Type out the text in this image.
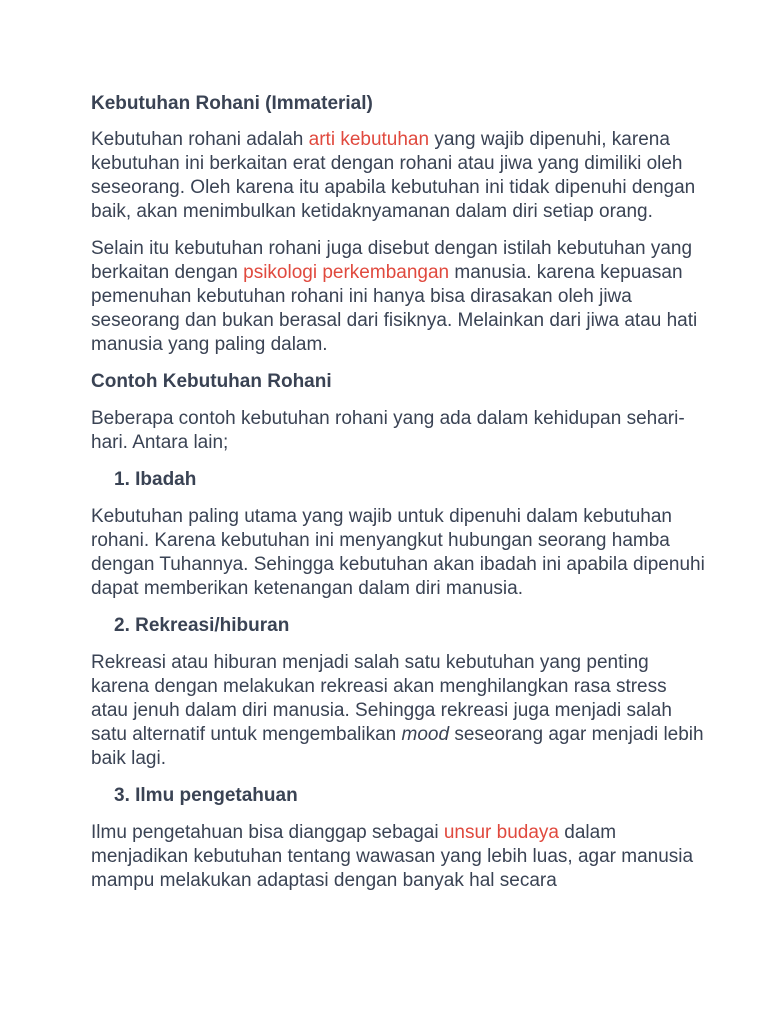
Kebutuhan Rohani (Immaterial)

Kebutuhan rohani adalah arti kebutuhan yang wajib dipenuhi, karena kebutuhan ini berkaitan erat dengan rohani atau jiwa yang dimiliki oleh seseorang. Oleh karena itu apabila kebutuhan ini tidak dipenuhi dengan baik, akan menimbulkan ketidaknyamanan dalam diri setiap orang.

Selain itu kebutuhan rohani juga disebut dengan istilah kebutuhan yang berkaitan dengan psikologi perkembangan manusia. karena kepuasan pemenuhan kebutuhan rohani ini hanya bisa dirasakan oleh jiwa seseorang dan bukan berasal dari fisiknya. Melainkan dari jiwa atau hati manusia yang paling dalam.

Contoh Kebutuhan Rohani

Beberapa contoh kebutuhan rohani yang ada dalam kehidupan sehari-hari. Antara lain;

1. Ibadah

Kebutuhan paling utama yang wajib untuk dipenuhi dalam kebutuhan rohani. Karena kebutuhan ini menyangkut hubungan seorang hamba dengan Tuhannya. Sehingga kebutuhan akan ibadah ini apabila dipenuhi dapat memberikan ketenangan dalam diri manusia.

2. Rekreasi/hiburan

Rekreasi atau hiburan menjadi salah satu kebutuhan yang penting karena dengan melakukan rekreasi akan menghilangkan rasa stress atau jenuh dalam diri manusia. Sehingga rekreasi juga menjadi salah satu alternatif untuk mengembalikan mood seseorang agar menjadi lebih baik lagi.

3. Ilmu pengetahuan

Ilmu pengetahuan bisa dianggap sebagai unsur budaya dalam menjadikan kebutuhan tentang wawasan yang lebih luas, agar manusia mampu melakukan adaptasi dengan banyak hal secara
